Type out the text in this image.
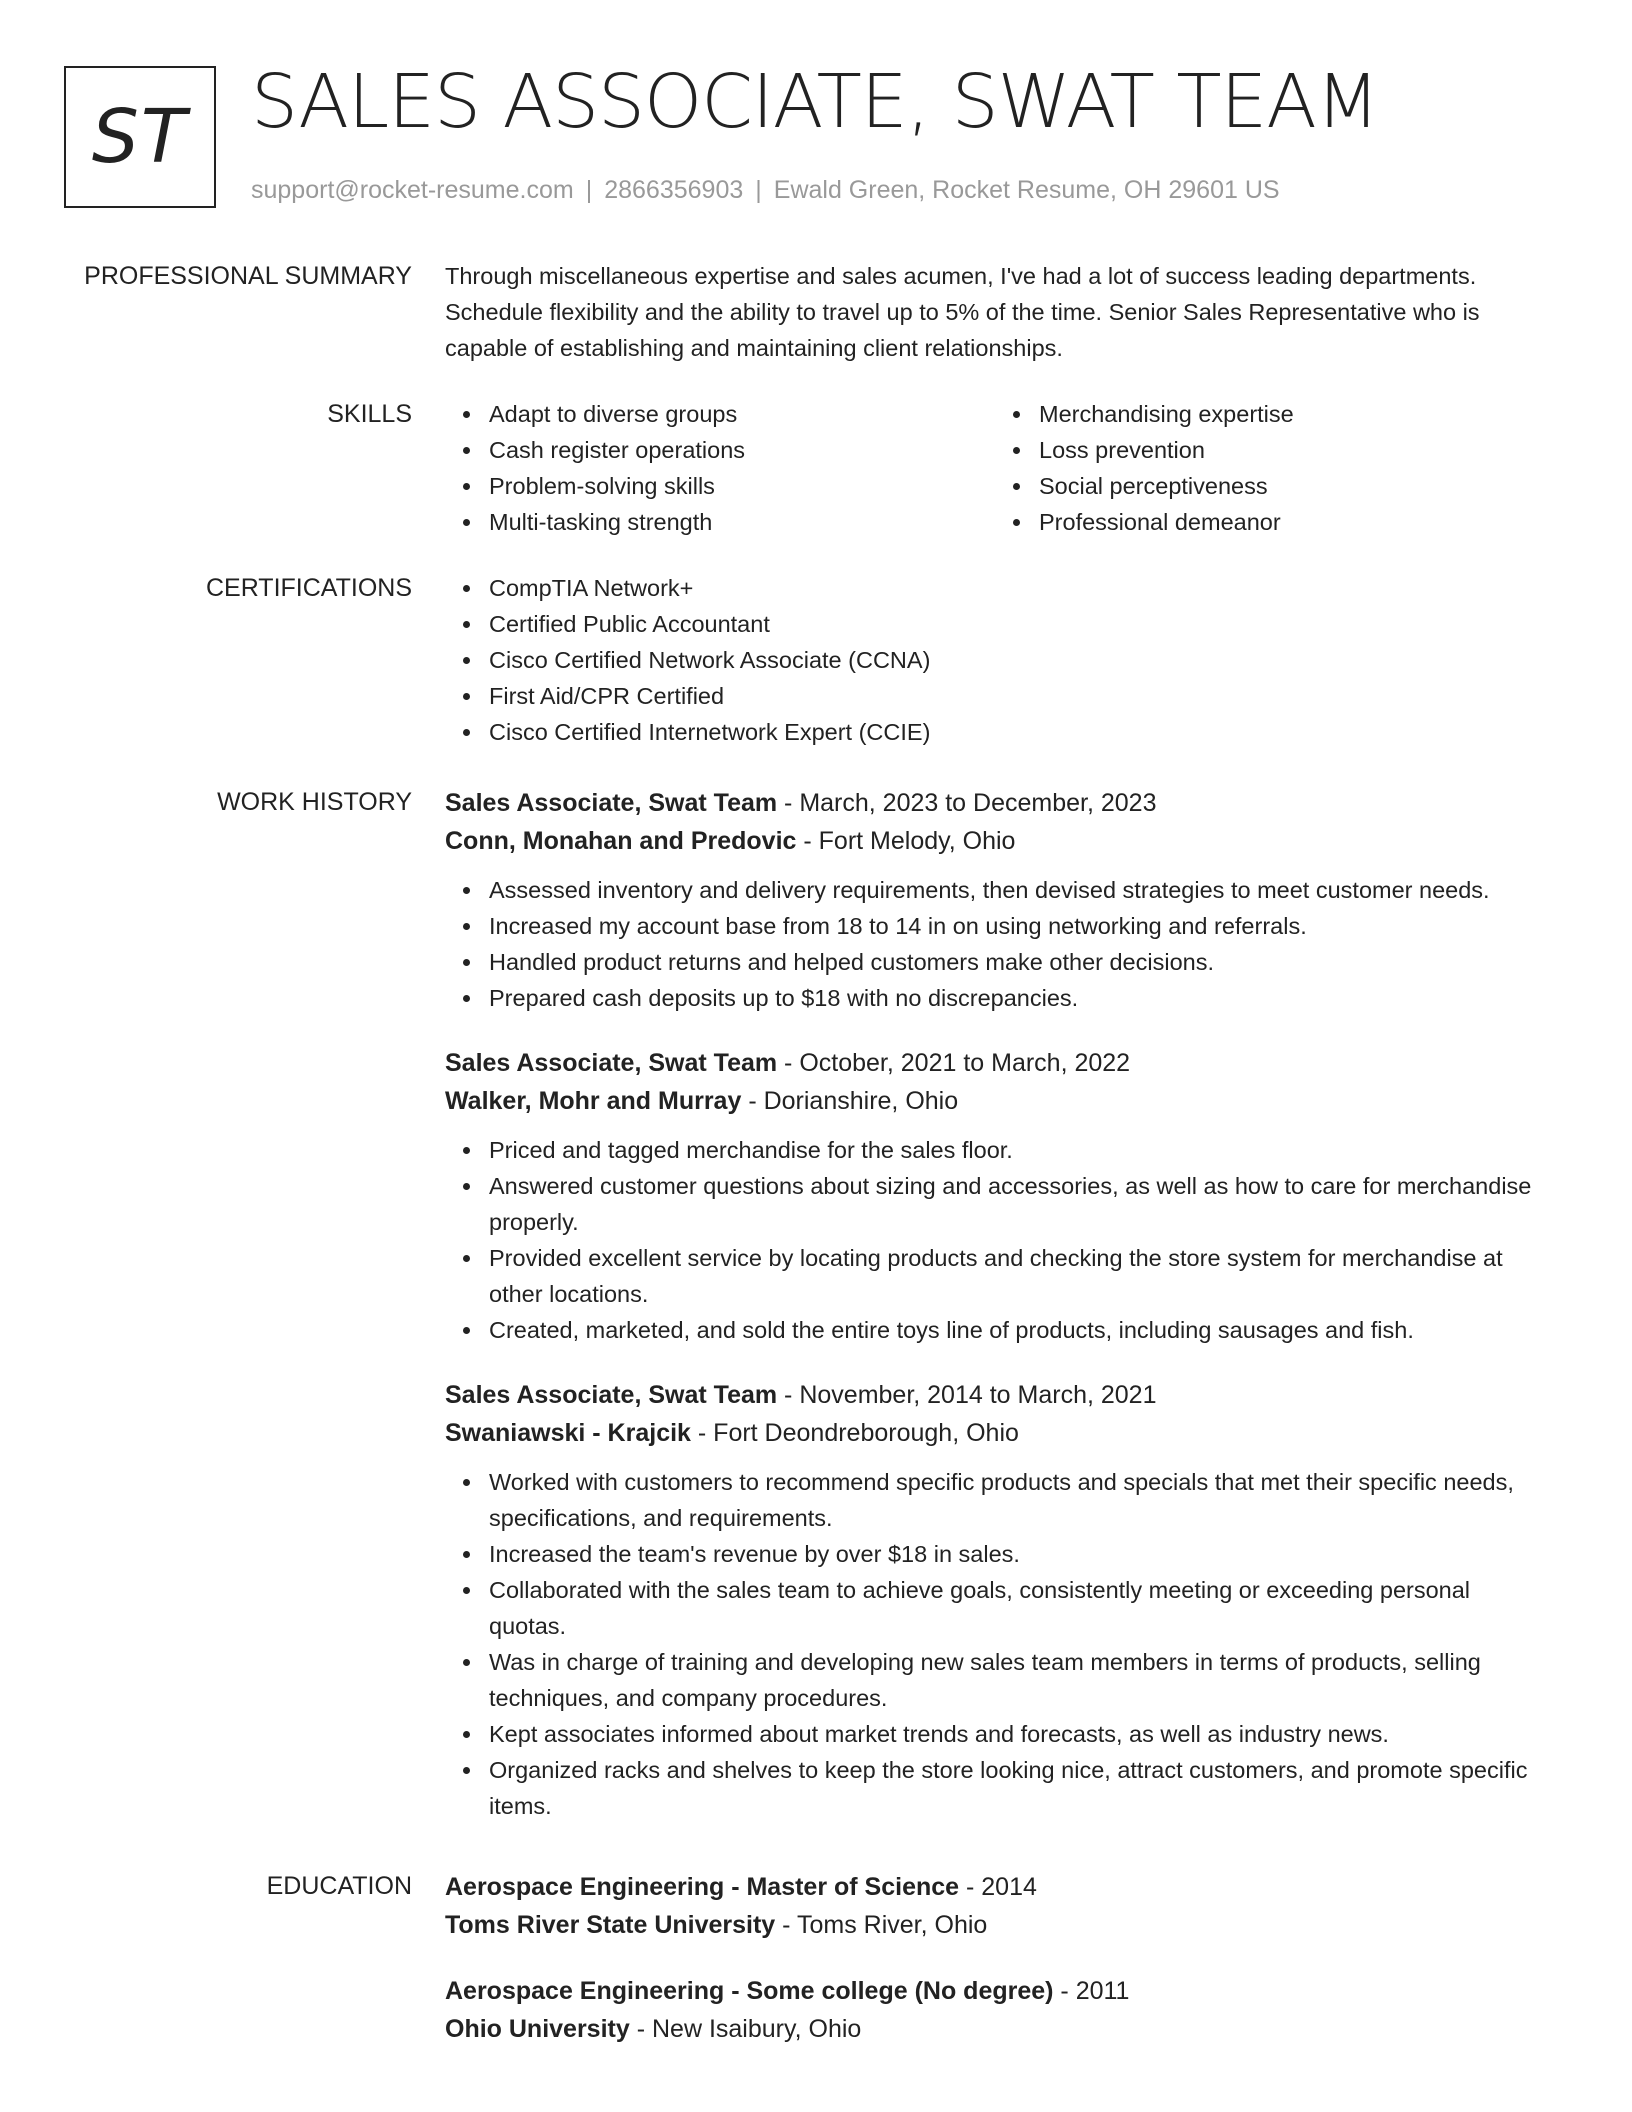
ST SALES ASSOCIATE, SWAT TEAM
support@rocket-resume.com | 2866356903 | Ewald Green, Rocket Resume, OH 29601 US
PROFESSIONAL SUMMARY Through miscellaneous expertise and sales acumen, I've had a lot of success leading departments. Schedule flexibility and the ability to travel up to 5% of the time. Senior Sales Representative who is capable of establishing and maintaining client relationships.

SKILLS	Adapt to diverse groups
Cash register operations
Problem-solving skills
Multi-tasking strength
Merchandising expertise
Loss prevention
Social perceptiveness
Professional demeanor
CERTIFICATIONS	CompTIA Network+
Certified Public Accountant
Cisco Certified Network Associate (CCNA)
First Aid/CPR Certified
Cisco Certified Internetwork Expert (CCIE)
WORK HISTORY Sales Associate, Swat Team - March, 2023 to December, 2023
Conn, Monahan and Predovic - Fort Melody, Ohio
Assessed inventory and delivery requirements, then devised strategies to meet customer needs.
Increased my account base from 18 to 14 in on using networking and referrals.
Handled product returns and helped customers make other decisions.
Prepared cash deposits up to $18 with no discrepancies.
Sales Associate, Swat Team - October, 2021 to March, 2022
Walker, Mohr and Murray - Dorianshire, Ohio
Priced and tagged merchandise for the sales floor.
Answered customer questions about sizing and accessories, as well as how to care for merchandise properly.
Provided excellent service by locating products and checking the store system for merchandise at other locations.
Created, marketed, and sold the entire toys line of products, including sausages and fish.
Sales Associate, Swat Team - November, 2014 to March, 2021
Swaniawski - Krajcik - Fort Deondreborough, Ohio
Worked with customers to recommend specific products and specials that met their specific needs, specifications, and requirements.
Increased the team's revenue by over $18 in sales.
Collaborated with the sales team to achieve goals, consistently meeting or exceeding personal quotas.
Was in charge of training and developing new sales team members in terms of products, selling techniques, and company procedures.
Kept associates informed about market trends and forecasts, as well as industry news.
Organized racks and shelves to keep the store looking nice, attract customers, and promote specific items.
EDUCATION Aerospace Engineering - Master of Science - 2014
Toms River State University - Toms River, Ohio
Aerospace Engineering - Some college (No degree) - 2011
Ohio University - New Isaibury, Ohio
